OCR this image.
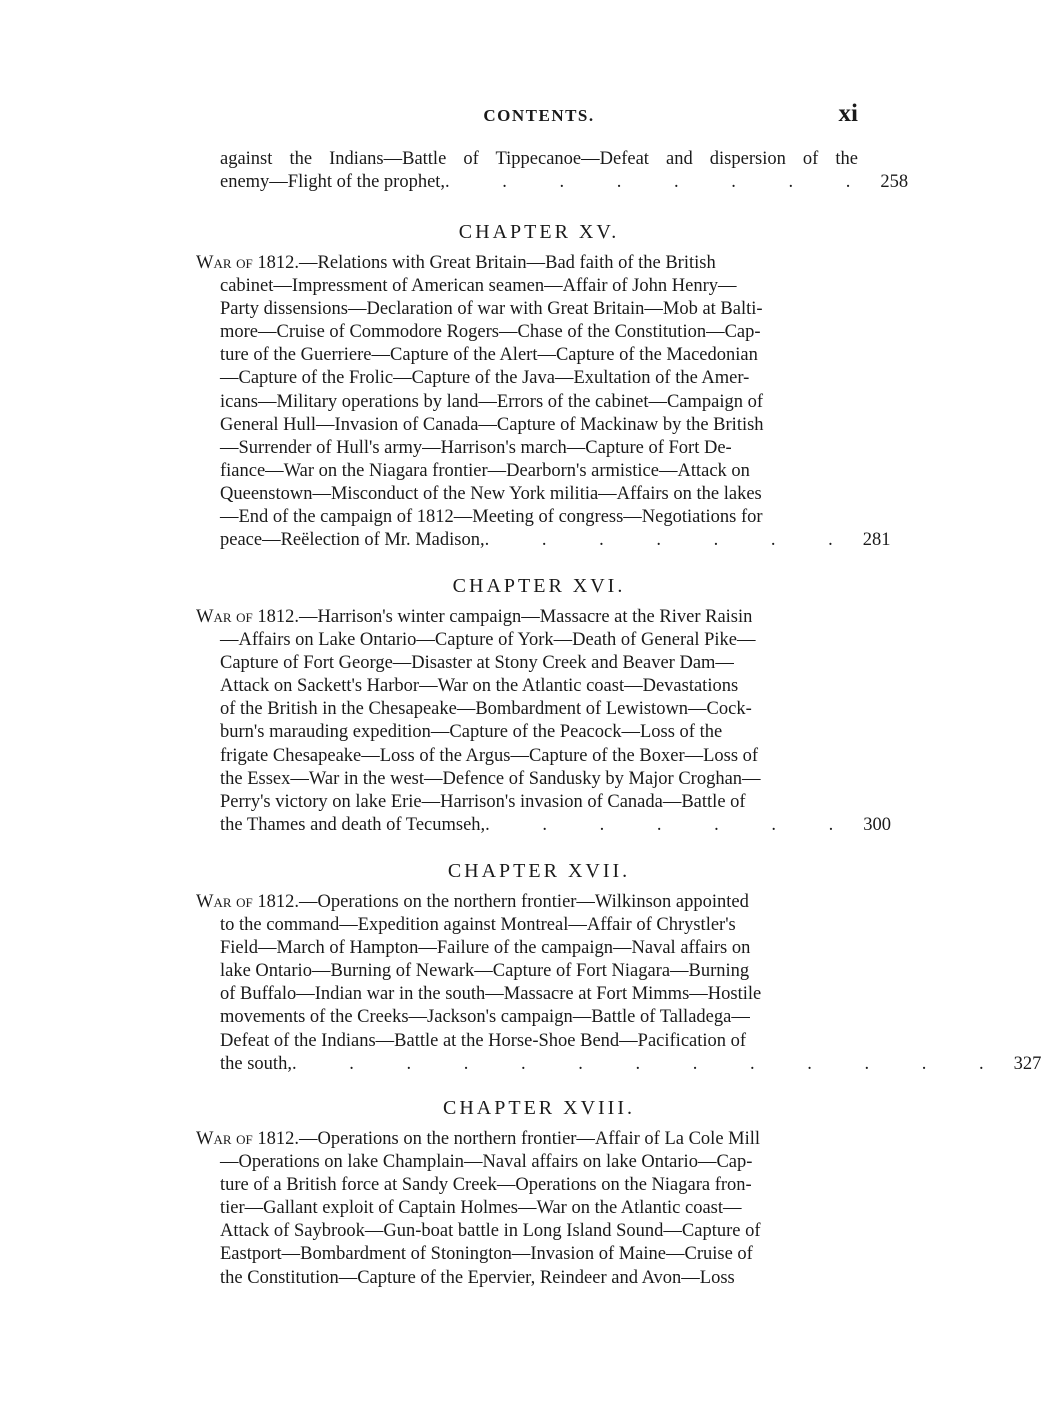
CONTENTS.	xi
against the Indians—Battle of Tippecanoe—Defeat and dispersion of the
enemy—Flight of the prophet, . . . . . . . . 258
CHAPTER XV.
War of 1812.—Relations with Great Britain—Bad faith of the British
cabinet—Impressment of American seamen—Affair of John Henry—
Party dissensions—Declaration of war with Great Britain—Mob at Balti-
more—Cruise of Commodore Rogers—Chase of the Constitution—Cap-
ture of the Guerriere—Capture of the Alert—Capture of the Macedonian
—Capture of the Frolic—Capture of the Java—Exultation of the Amer-
icans—Military operations by land—Errors of the cabinet—Campaign of
General Hull—Invasion of Canada—Capture of Mackinaw by the British
—Surrender of Hull's army—Harrison's march—Capture of Fort De-
fiance—War on the Niagara frontier—Dearborn's armistice—Attack on
Queenstown—Misconduct of the New York militia—Affairs on the lakes
—End of the campaign of 1812—Meeting of congress—Negotiations for
peace—Reëlection of Mr. Madison, . . . . . . . 281
CHAPTER XVI.
War of 1812.—Harrison's winter campaign—Massacre at the River Raisin
—Affairs on Lake Ontario—Capture of York—Death of General Pike—
Capture of Fort George—Disaster at Stony Creek and Beaver Dam—
Attack on Sackett's Harbor—War on the Atlantic coast—Devastations
of the British in the Chesapeake—Bombardment of Lewistown—Cock-
burn's marauding expedition—Capture of the Peacock—Loss of the
frigate Chesapeake—Loss of the Argus—Capture of the Boxer—Loss of
the Essex—War in the west—Defence of Sandusky by Major Croghan—
Perry's victory on lake Erie—Harrison's invasion of Canada—Battle of
the Thames and death of Tecumseh, . . . . . . . 300
CHAPTER XVII.
War of 1812.—Operations on the northern frontier—Wilkinson appointed
to the command—Expedition against Montreal—Affair of Chrystler's
Field—March of Hampton—Failure of the campaign—Naval affairs on
lake Ontario—Burning of Newark—Capture of Fort Niagara—Burning
of Buffalo—Indian war in the south—Massacre at Fort Mimms—Hostile
movements of the Creeks—Jackson's campaign—Battle of Talladega—
Defeat of the Indians—Battle at the Horse-Shoe Bend—Pacification of
the south, . . . . . . . . . . . . . 327
CHAPTER XVIII.
War of 1812.—Operations on the northern frontier—Affair of La Cole Mill
—Operations on lake Champlain—Naval affairs on lake Ontario—Cap-
ture of a British force at Sandy Creek—Operations on the Niagara fron-
tier—Gallant exploit of Captain Holmes—War on the Atlantic coast—
Attack of Saybrook—Gun-boat battle in Long Island Sound—Capture of
Eastport—Bombardment of Stonington—Invasion of Maine—Cruise of
the Constitution—Capture of the Epervier, Reindeer and Avon—Loss
